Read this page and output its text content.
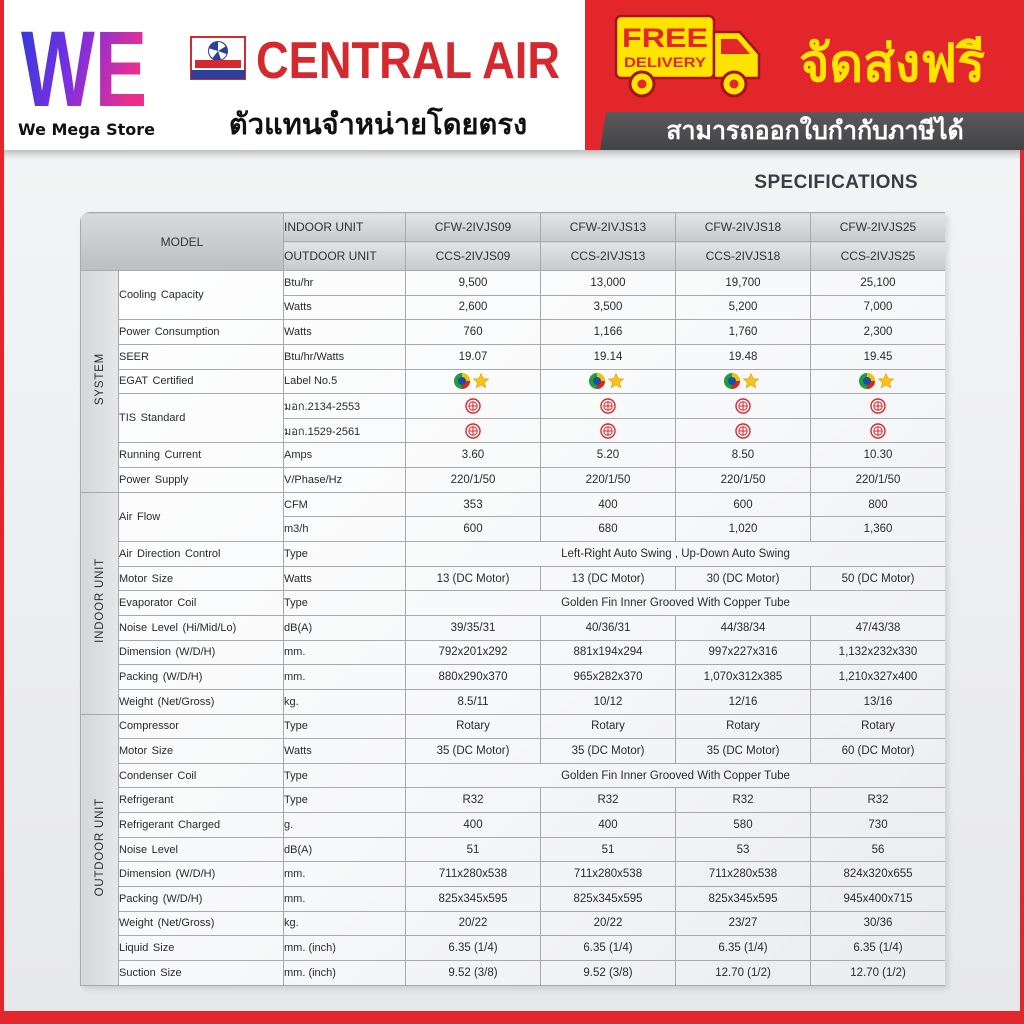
WE
We Mega Store
CENTRAL AIR
ตัวแทนจำหน่ายโดยตรง
FREE
DELIVERY	จัดส่งฟรี
สามารถออกใบกำกับภาษีได้
SPECIFICATIONS
MODEL		INDOOR UNIT	CFW-2IVJS09	CFW-2IVJS13	CFW-2IVJS18	CFW-2IVJS25
		OUTDOOR UNIT	CCS-2IVJS09	CCS-2IVJS13	CCS-2IVJS18	CCS-2IVJS25
SYSTEM	Cooling Capacity	Btu/hr	9,500	13,000	19,700	25,100
		Watts	2,600	3,500	5,200	7,000
	Power Consumption	Watts	760	1,166	1,760	2,300
	SEER	Btu/hr/Watts	19.07	19.14	19.48	19.45
	EGAT Certified	Label No.5				
	TIS Standard	มอก.2134-2553				
		มอก.1529-2561				
	Running Current	Amps	3.60	5.20	8.50	10.30
	Power Supply	V/Phase/Hz	220/1/50	220/1/50	220/1/50	220/1/50
INDOOR UNIT	Air Flow	CFM	353	400	600	800
		m3/h	600	680	1,020	1,360
	Air Direction Control	Type	Left-Right Auto Swing , Up-Down Auto Swing			
	Motor Size	Watts	13 (DC Motor)	13 (DC Motor)	30 (DC Motor)	50 (DC Motor)
	Evaporator Coil	Type	Golden Fin Inner Grooved With Copper Tube			
	Noise Level (Hi/Mid/Lo)	dB(A)	39/35/31	40/36/31	44/38/34	47/43/38
	Dimension (W/D/H)	mm.	792x201x292	881x194x294	997x227x316	1,132x232x330
	Packing (W/D/H)	mm.	880x290x370	965x282x370	1,070x312x385	1,210x327x400
	Weight (Net/Gross)	kg.	8.5/11	10/12	12/16	13/16
OUTDOOR UNIT	Compressor	Type	Rotary	Rotary	Rotary	Rotary
	Motor Size	Watts	35 (DC Motor)	35 (DC Motor)	35 (DC Motor)	60 (DC Motor)
	Condenser Coil	Type	Golden Fin Inner Grooved With Copper Tube			
	Refrigerant	Type	R32	R32	R32	R32
	Refrigerant Charged	g.	400	400	580	730
	Noise Level	dB(A)	51	51	53	56
	Dimension (W/D/H)	mm.	711x280x538	711x280x538	711x280x538	824x320x655
	Packing (W/D/H)	mm.	825x345x595	825x345x595	825x345x595	945x400x715
	Weight (Net/Gross)	kg.	20/22	20/22	23/27	30/36
	Liquid Size	mm. (inch)	6.35 (1/4)	6.35 (1/4)	6.35 (1/4)	6.35 (1/4)
	Suction Size	mm. (inch)	9.52 (3/8)	9.52 (3/8)	12.70 (1/2)	12.70 (1/2)
